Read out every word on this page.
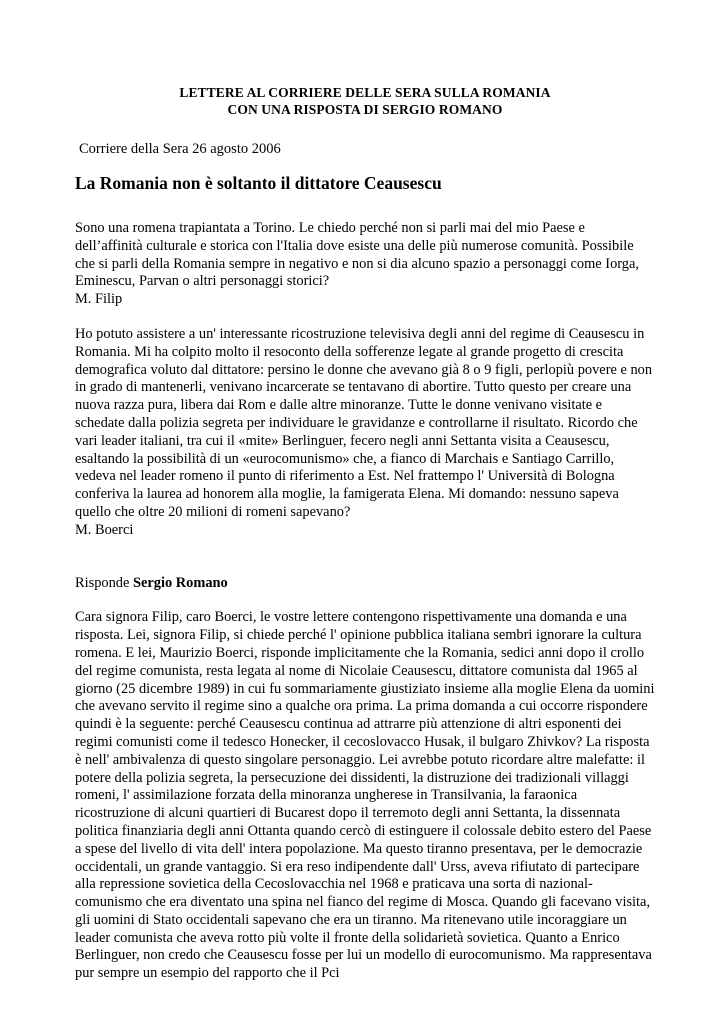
LETTERE AL CORRIERE DELLE SERA SULLA ROMANIA
CON UNA RISPOSTA DI SERGIO ROMANO
Corriere della Sera 26 agosto 2006
La Romania non è soltanto il dittatore Ceausescu

Sono una romena trapiantata a Torino. Le chiedo perché non si parli mai del mio Paese e dell’affinità culturale e storica con l'Italia dove esiste una delle più numerose comunità. Possibile che si parli della Romania sempre in negativo e non si dia alcuno spazio a personaggi come Iorga, Eminescu, Parvan o altri personaggi storici?

M. Filip

Ho potuto assistere a un' interessante ricostruzione televisiva degli anni del regime di Ceausescu in Romania. Mi ha colpito molto il resoconto della sofferenze legate al grande progetto di crescita demografica voluto dal dittatore: persino le donne che avevano già 8 o 9 figli, perlopiù povere e non in grado di mantenerli, venivano incarcerate se tentavano di abortire. Tutto questo per creare una nuova razza pura, libera dai Rom e dalle altre minoranze. Tutte le donne venivano visitate e schedate dalla polizia segreta per individuare le gravidanze e controllarne il risultato. Ricordo che vari leader italiani, tra cui il «mite» Berlinguer, fecero negli anni Settanta visita a Ceausescu, esaltando la possibilità di un «eurocomunismo» che, a fianco di Marchais e Santiago Carrillo, vedeva nel leader romeno il punto di riferimento a Est. Nel frattempo l' Università di Bologna conferiva la laurea ad honorem alla moglie, la famigerata Elena. Mi domando: nessuno sapeva quello che oltre 20 milioni di romeni sapevano?

M. Boerci
Risponde Sergio Romano

Cara signora Filip, caro Boerci, le vostre lettere contengono rispettivamente una domanda e una risposta. Lei, signora Filip, si chiede perché l' opinione pubblica italiana sembri ignorare la cultura romena. E lei, Maurizio Boerci, risponde implicitamente che la Romania, sedici anni dopo il crollo del regime comunista, resta legata al nome di Nicolaie Ceausescu, dittatore comunista dal 1965 al giorno (25 dicembre 1989) in cui fu sommariamente giustiziato insieme alla moglie Elena da uomini che avevano servito il regime sino a qualche ora prima. La prima domanda a cui occorre rispondere quindi è la seguente: perché Ceausescu continua ad attrarre più attenzione di altri esponenti dei regimi comunisti come il tedesco Honecker, il cecoslovacco Husak, il bulgaro Zhivkov? La risposta è nell' ambivalenza di questo singolare personaggio. Lei avrebbe potuto ricordare altre malefatte: il potere della polizia segreta, la persecuzione dei dissidenti, la distruzione dei tradizionali villaggi romeni, l' assimilazione forzata della minoranza ungherese in Transilvania, la faraonica ricostruzione di alcuni quartieri di Bucarest dopo il terremoto degli anni Settanta, la dissennata politica finanziaria degli anni Ottanta quando cercò di estinguere il colossale debito estero del Paese a spese del livello di vita dell' intera popolazione. Ma questo tiranno presentava, per le democrazie occidentali, un grande vantaggio. Si era reso indipendente dall' Urss, aveva rifiutato di partecipare alla repressione sovietica della Cecoslovacchia nel 1968 e praticava una sorta di nazional-comunismo che era diventato una spina nel fianco del regime di Mosca. Quando gli facevano visita, gli uomini di Stato occidentali sapevano che era un tiranno. Ma ritenevano utile incoraggiare un leader comunista che aveva rotto più volte il fronte della solidarietà sovietica. Quanto a Enrico Berlinguer, non credo che Ceausescu fosse per lui un modello di eurocomunismo. Ma rappresentava pur sempre un esempio del rapporto che il Pci
